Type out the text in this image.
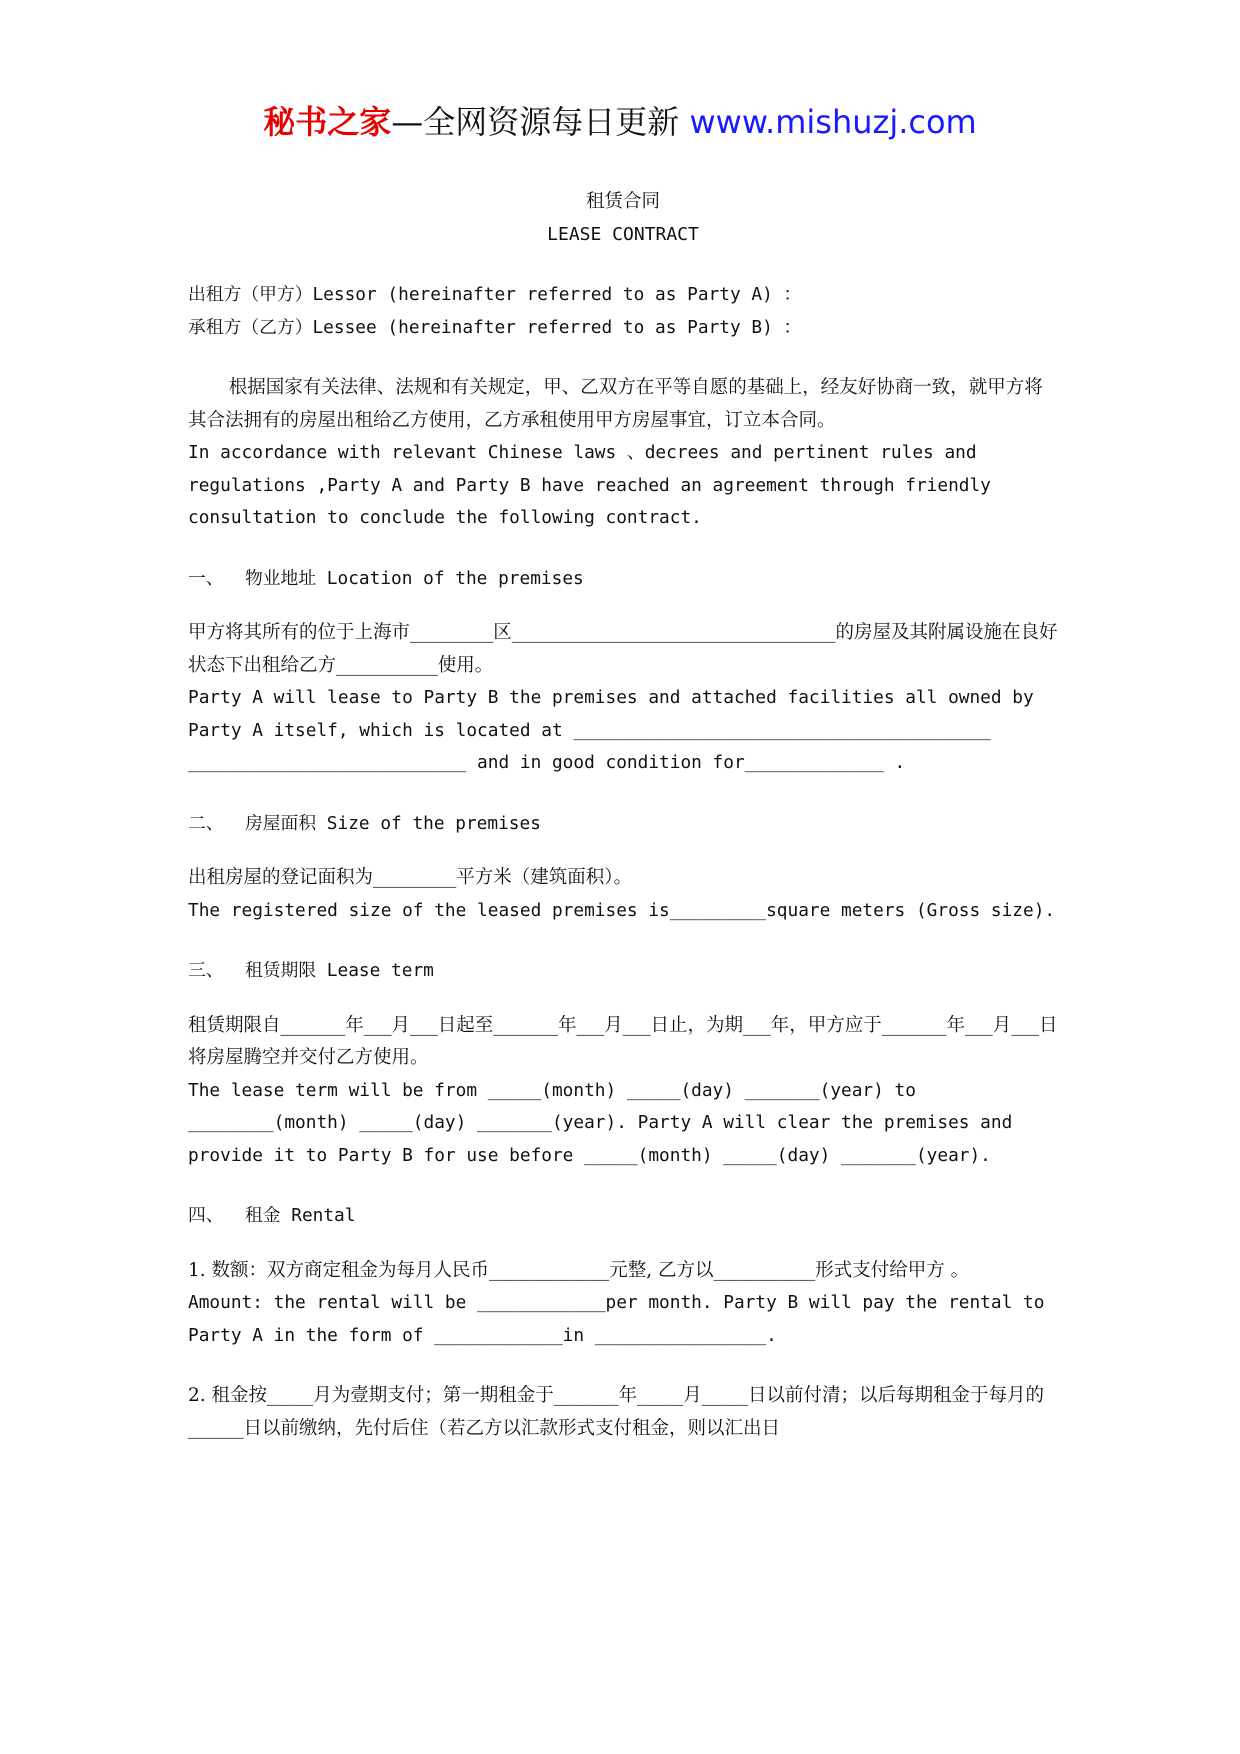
秘书之家—全网资源每日更新 www.mishuzj.com

租赁合同

LEASE CONTRACT

出租方（甲方）Lessor (hereinafter referred to as Party A) ：

承租方（乙方）Lessee (hereinafter referred to as Party B) ：

根据国家有关法律、法规和有关规定，甲、乙双方在平等自愿的基础上，经友好协商一致，就甲方将其合法拥有的房屋出租给乙方使用，乙方承租使用甲方房屋事宜，订立本合同。

In accordance with relevant Chinese laws 、decrees and pertinent rules and regulations ,Party A and Party B have reached an agreement through friendly consultation to conclude the following contract.

一、  物业地址 Location of the premises

甲方将其所有的位于上海市_________区___________________________________的房屋及其附属设施在良好状态下出租给乙方___________使用。

Party A will lease to Party B the premises and attached facilities all owned by Party A itself, which is located at _______________________________________ __________________________ and in good condition for_____________ .

二、  房屋面积 Size of the premises

出租房屋的登记面积为_________平方米（建筑面积）。

The registered size of the leased premises is_________square meters (Gross size).

三、  租赁期限 Lease term

租赁期限自_______年___月___日起至_______年___月___日止，为期___年，甲方应于_______年___月___日将房屋腾空并交付乙方使用。

The lease term will be from _____(month) _____(day) _______(year) to ________(month) _____(day) _______(year). Party A will clear the premises and provide it to Party B for use before _____(month) _____(day) _______(year).

四、  租金 Rental

1. 数额：双方商定租金为每月人民币_____________元整, 乙方以___________形式支付给甲方 。

Amount: the rental will be ____________per month. Party B will pay the rental to Party A in the form of ____________in ________________.

2. 租金按_____月为壹期支付；第一期租金于_______年_____月_____日以前付清；以后每期租金于每月的______日以前缴纳，先付后住（若乙方以汇款形式支付租金，则以汇出日
